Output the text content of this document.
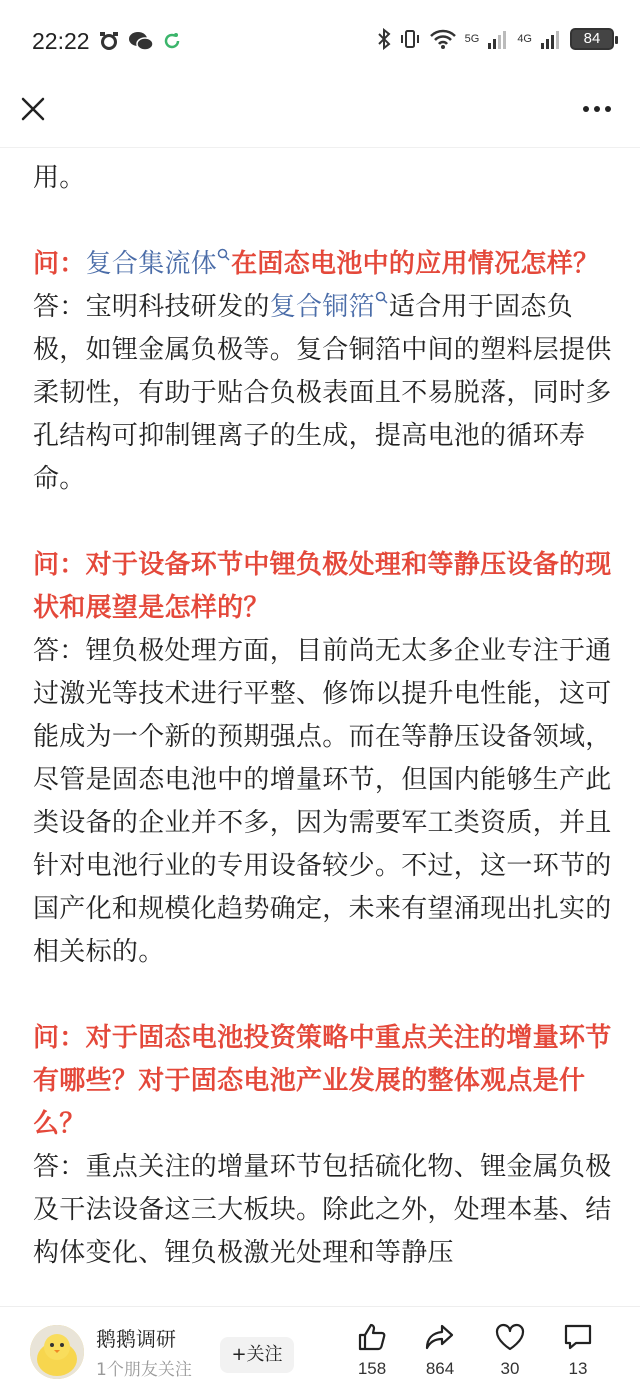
22:22	5G	4G	84
用。
问：复合集流体 在固态电池中的应用情况怎样？
答：宝明科技研发的复合铜箔 适合用于固态负极，如锂金属负极等。复合铜箔中间的塑料层提供柔韧性，有助于贴合负极表面且不易脱落，同时多孔结构可抑制锂离子的生成，提高电池的循环寿命。
问：对于设备环节中锂负极处理和等静压设备的现状和展望是怎样的？
答：锂负极处理方面，目前尚无太多企业专注于通过激光等技术进行平整、修饰以提升电性能，这可能成为一个新的预期强点。而在等静压设备领域，尽管是固态电池中的增量环节，但国内能够生产此类设备的企业并不多，因为需要军工类资质，并且针对电池行业的专用设备较少。不过，这一环节的国产化和规模化趋势确定，未来有望涌现出扎实的相关标的。
问：对于固态电池投资策略中重点关注的增量环节有哪些？对于固态电池产业发展的整体观点是什么？
答：重点关注的增量环节包括硫化物、锂金属负极及干法设备这三大板块。除此之外，处理本基、结构体变化、锂负极激光处理和等静压
鹅鹅调研
1个朋友关注
+关注
158	864	30	13
